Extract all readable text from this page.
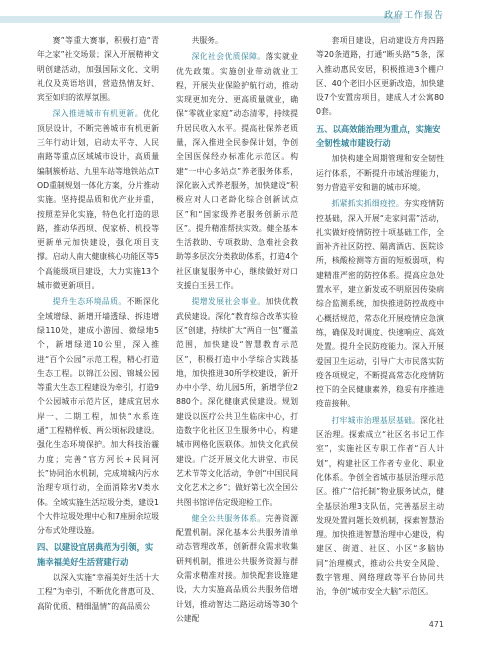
政府工作报告
赛”等重大赛事，积极打造“青年之家”社交场景；深入开展精神文明创建活动，加强国际文化、文明礼仪及英语培训，营造热情友好、宾至如归的浓厚氛围。
深入推进城市有机更新。优化顶层设计，不断完善城市有机更新三年行动计划，启动太平寺、人民南路等重点区域城市设计，高质量编制簇桥站、九里车站等地铁站点TOD重制规划一体化方案，分片推动实施。坚持提品质和优产业并重，按照差异化实施，特色化打造的思路，推动华西坝、倪家桥、机投等更新单元加快建设，强化项目支撑。启动人南大健康核心功能区等5个高能级项目建设，大力实施13个城市微更新项目。
提升生态环境品质。不断深化全域增绿、新增开墙透绿、拆违增绿110处，建成小游园、微绿地5个，新增绿道10公里，深入推进“百个公园”示范工程，精心打造生态工程。以锦江公园、锦城公园等重大生态工程建设为牵引，打造9个公园城市示范片区，建成宜居水岸一、二期工程，加快“水系连通”工程精样板、两公顷标段建设。强化生态环境保护。加大科技治霾力度；完善“官方河长+民间河长”协同治水机制，完成境城内污水治理专项行动，全面消除劣V类水体。全域实施生活垃圾分类，建设1个大件垃圾处理中心和7座厨余垃圾分布式处理设施。
四、以建设宜居典范为引领，实施幸福美好生活营建行动
以深入实施“幸福美好生活十大工程”为牵引，不断优化普惠可及、高阶优质、精细温情”的高品质公
共服务。
深化社会优质保障。落实就业优先政策。实施创业带动就业工程，开展失业保险护航行动，推动实现更加充分、更高质量就业，确保“零就业家庭”动态清零，持续提升居民收入水平。提高社保养老质量，深入推进全民参保计划，争创全国医保经办标准化示范区。构建“一中心多站点”养老服务体系，深化嵌入式养老服务，加快建设“积极应对人口老龄化综合创新试点区”和“国家级养老服务创新示范区”。提升精准帮扶实效。健全基本生活救助、专项救助、急难社会救助等多层次分类救助体系，打造4个社区康复服务中心，继续做好对口支援白玉县工作。
提增发展社会事业。加快优教武侯建设。深化“教育综合改革实验区”创建，持续扩大“两自一包”覆盖范围，加快建设“智慧教育示范区”，积极打造中小学综合实践基地，加快推进30所学校建设，新开办中小学、幼儿园5所，新增学位2880个。深化健康武侯建设。规划建设以医疗公共卫生临床中心，打造数字化社区卫生服务中心，构建城市网格化医联体。加快文化武侯建设。广泛开展文化大讲堂、市民艺术节等文化活动，争创“中国民间文化艺术之乡”；做好第七次全国公共图书馆评估定级迎检工作。
健全公共服务体系。完善资源配置机制。深化基本公共服务清单动态管理改革，创新群众需求收集研判机制，推进公共服务资源与群众需求精准对接。加快配套设施建设，大力实施高品质公共服务倍增计划，推动智达二路运动场等30个公建配
套项目建设，启动建设方舟四路等20条道路，打通“断头路”5条，深入推动惠民安居，积极推进3个棚户区、40个老旧小区更新改造，加快建设7个安置房项目，建成人才公寓800套。
五、以高效能治理为重点，实施安全韧性城市建设行动
加快构建全周期管理和安全韧性运行体系，不断提升市域治理能力，努力营造平安和谐的城市环境。
抓紧抓实抓细疫控。夯实疫情防控基础，深入开展“走家问需”活动，扎实做好疫情防控十项基础工作，全面补齐社区防控、隔离酒店、医院诊所，核酸检测等方面的短板弱项，构建精准严密的防控体系。提高应急处置水平，建立新发或不明原因传染病综合监测系统，加快推进防控战疫中心概括规范，常态化开展疫情应急演练，确保及时调度、快速响应、高效处置。提升全民防疫能力。深入开展爱国卫生运动，引导广大市民落实防疫各项规定，不断提高常态化疫情防控下的全民健康素养，稳妥有序推进疫苗接种。
打牢城市治理基层基础。深化社区治理。探索成立“社区名书记工作室”，实施社区专职工作者“百人计划”，构建社区工作者专业化、职业化体系。争创全省城市基层治理示范区。推广“信托制”物业服务试点，健全基层治理3支队伍，完善基层主动发现处置问题长效机制，探索智慧治理。加快推进智慧治理中心建设，构建区、街道、社区、小区“多脑协同”治理模式，推动公共安全风险、数字管理、网络理政等平台协同共治，争创“城市安全大脑”示范区。
471
